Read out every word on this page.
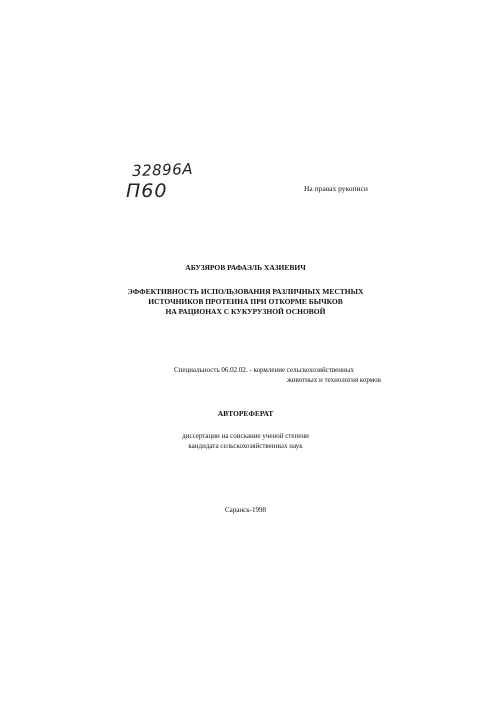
32896А
П60	На правах рукописи
АБУЗЯРОВ РАФАЭЛЬ ХАЗИЕВИЧ
ЭФФЕКТИВНОСТЬ ИСПОЛЬЗОВАНИЯ РАЗЛИЧНЫХ МЕСТНЫХ
ИСТОЧНИКОВ ПРОТЕИНА ПРИ ОТКОРМЕ БЫЧКОВ
НА РАЦИОНАХ С КУКУРУЗНОЙ ОСНОВОЙ
Специальность 06.02.02. - кормление сельскохозяйственных
животных и технология кормов
АВТОРЕФЕРАТ
диссертации на соискание ученой степени
кандидата сельскохозяйственных наук
Саранск-1998
